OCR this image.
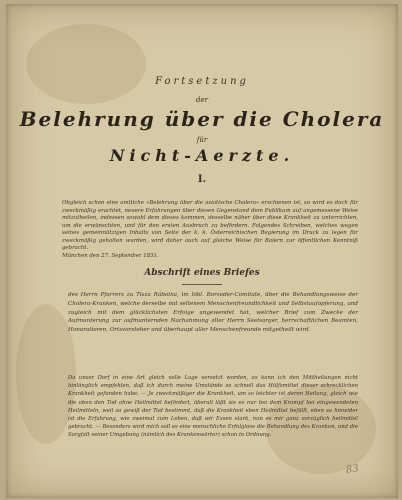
Fortsetzung
der
Belehrung über die Cholera
für
Nicht-Aerzte.
I.
Obgleich schon eine amtliche »Belehrung über die asiatische Cholera« erschienen ist, so wird es doch für zweckmäßig erachtet, neuere Erfahrungen über diesen Gegenstand dem Publikum auf angemessene Weise mitzutheilen, indessen sowohl dem dieses kommen, desselbe näher über diese Krankheit zu unterrichten, um die erwünschten, und für den ersten Ausbruch zu befördern. Folgendes Schreiben, welches wegen seines gemeinnützigen Inhalts von Seite der k. k. Österreichischen Regierung im Druck zu legen für zweckmäßig gehalten wurden, wird daher auch auf gleiche Weise für Baiern zur öffentlichen Kenntniß gebracht.
München den 27. September 1831.
Abschrift eines Briefes
des Herrn Pfarrers zu Tisza Rábolna, im löbl. Borsoder-Comitate, über die Behandlungsweise der Cholera-Kranken, welche derselbe mit seltenem Menschenfreundlichkeit und Selbstaufopferung, und zugleich mit dem glücklichsten Erfolge angewendet hat, welcher Brief zum Zwecke der Aufmunterung zur aufmunternden Nachahmung aller Herrn Seelsorger, herrschaftlichen Beamten, Honoratioren, Ortsvorsteher und überhaupt aller Menschenfreunde mitgetheilt wird.
Da unser Dorf in eine Art gleich volle Lage versetzt worden, so kann ich den Mittheilungen nicht hinlänglich empfehlen, daß ich durch meine Umstände so schnell das Hülfsmittel dieser schrecklichen Krankheit gefunden habe. — Je zweckmäßiger die Krankheit, um so leichter ist deren Heilung, gleich wie die oben den Tod ohne Heilmittel befördert, überall läßt sie es nur bei dem Krampf bei eingewendeten Heilmitteln, weil so gewiß der Tod bestimmt, daß die Krankheit eben Heilmittel befällt, eben so hinwider ist die Erfahrung, wie zweimal zum Leben, daß wir Essen stark, nun es mir ganz vorzüglich heilmittel gebracht. — Besonders wird mich soll es eine menschliche Erfolglose die Behandlung des Kranken, und die Sorgfalt seiner Umgebung (nämlich des Krankenwärter) schon in Ordnung.
83
